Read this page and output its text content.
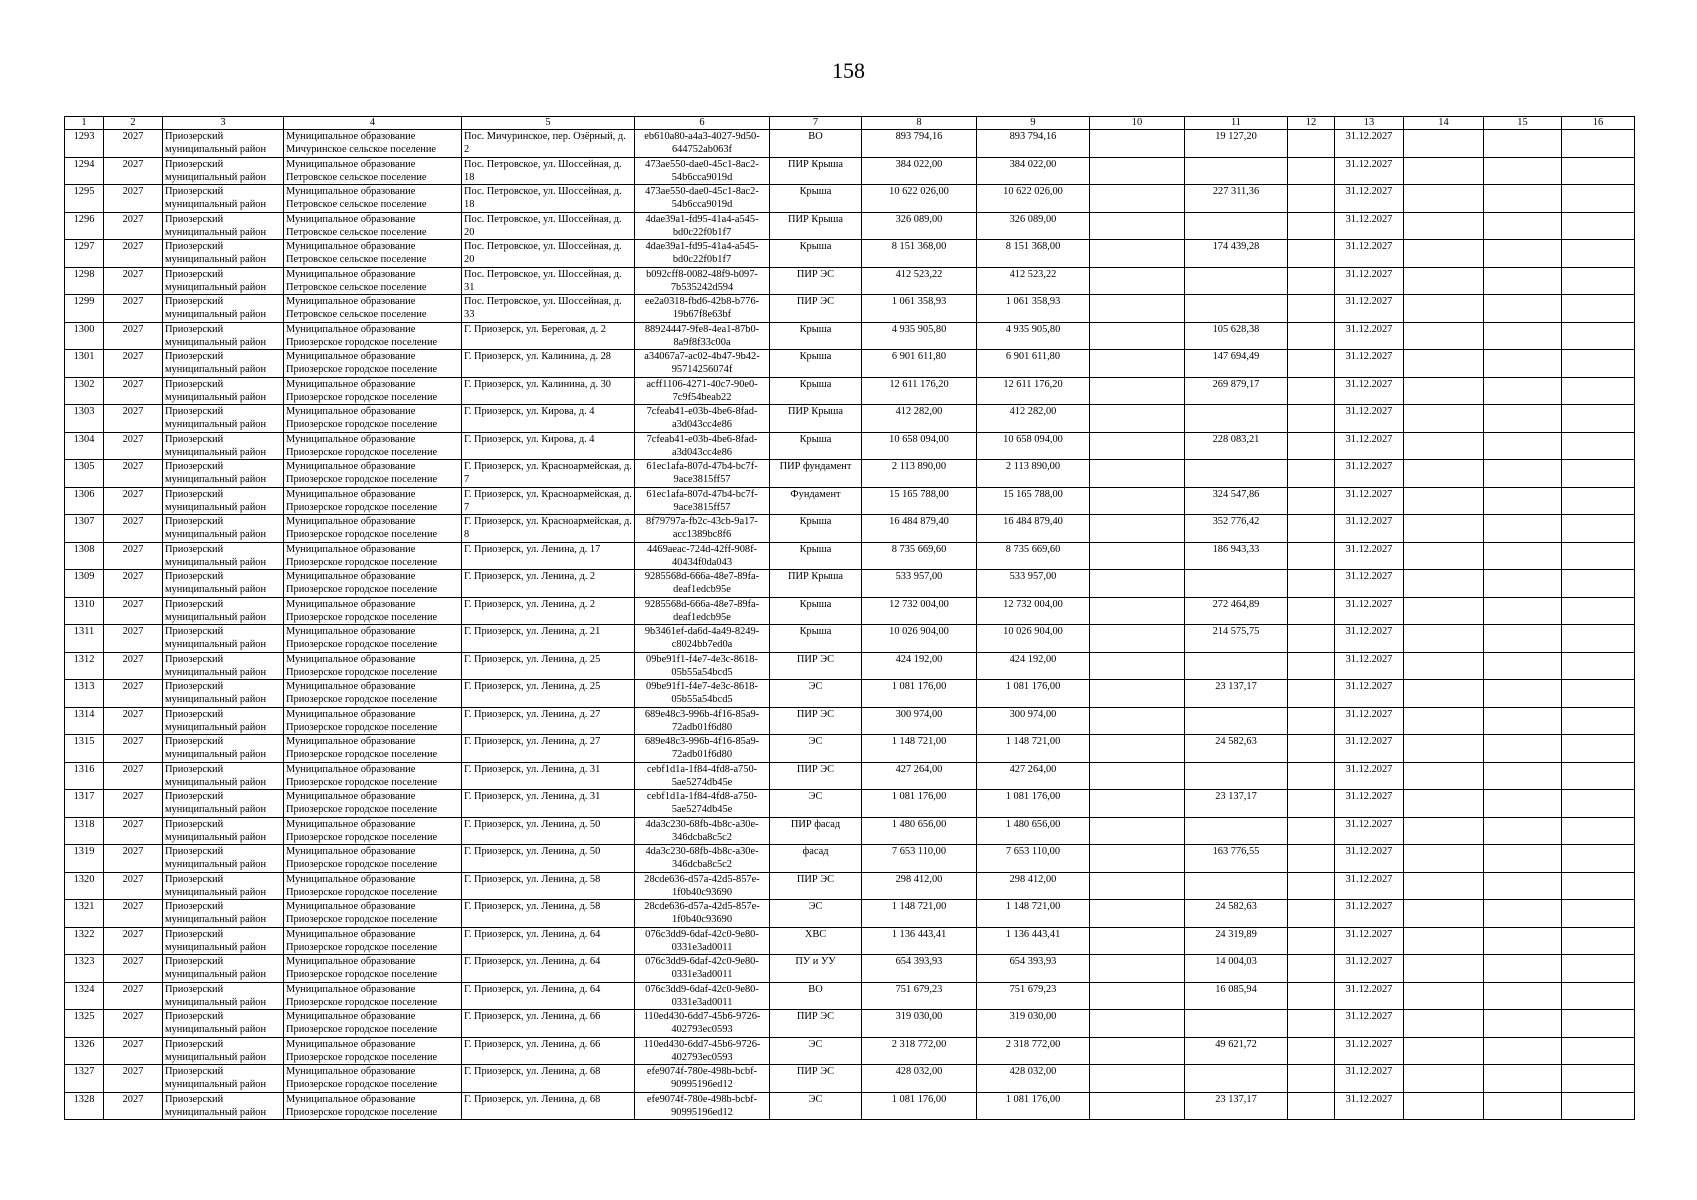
158
1	2	3	4	5	6	7	8	9	10	11	12	13	14	15	16
1293	2027	Приозерский муниципальный район	Муниципальное образование Мичуринское сельское поселение	Пос. Мичуринское, пер. Озёрный, д. 2	eb610a80-a4a3-4027-9d50-644752ab063f	ВО	893 794,16	893 794,16		19 127,20		31.12.2027			
1294	2027	Приозерский муниципальный район	Муниципальное образование Петровское сельское поселение	Пос. Петровское, ул. Шоссейная, д. 18	473ae550-dae0-45c1-8ac2-54b6cca9019d	ПИР Крыша	384 022,00	384 022,00				31.12.2027			
1295	2027	Приозерский муниципальный район	Муниципальное образование Петровское сельское поселение	Пос. Петровское, ул. Шоссейная, д. 18	473ae550-dae0-45c1-8ac2-54b6cca9019d	Крыша	10 622 026,00	10 622 026,00		227 311,36		31.12.2027			
1296	2027	Приозерский муниципальный район	Муниципальное образование Петровское сельское поселение	Пос. Петровское, ул. Шоссейная, д. 20	4dae39a1-fd95-41a4-a545-bd0c22f0b1f7	ПИР Крыша	326 089,00	326 089,00				31.12.2027			
1297	2027	Приозерский муниципальный район	Муниципальное образование Петровское сельское поселение	Пос. Петровское, ул. Шоссейная, д. 20	4dae39a1-fd95-41a4-a545-bd0c22f0b1f7	Крыша	8 151 368,00	8 151 368,00		174 439,28		31.12.2027			
1298	2027	Приозерский муниципальный район	Муниципальное образование Петровское сельское поселение	Пос. Петровское, ул. Шоссейная, д. 31	b092cff8-0082-48f9-b097-7b535242d594	ПИР ЭС	412 523,22	412 523,22				31.12.2027			
1299	2027	Приозерский муниципальный район	Муниципальное образование Петровское сельское поселение	Пос. Петровское, ул. Шоссейная, д. 33	ee2a0318-fbd6-42b8-b776-19b67f8e63bf	ПИР ЭС	1 061 358,93	1 061 358,93				31.12.2027			
1300	2027	Приозерский муниципальный район	Муниципальное образование Приозерское городское поселение	Г. Приозерск, ул. Береговая, д. 2	88924447-9fe8-4ea1-87b0-8a9f8f33c00a	Крыша	4 935 905,80	4 935 905,80		105 628,38		31.12.2027			
1301	2027	Приозерский муниципальный район	Муниципальное образование Приозерское городское поселение	Г. Приозерск, ул. Калинина, д. 28	a34067a7-ac02-4b47-9b42-95714256074f	Крыша	6 901 611,80	6 901 611,80		147 694,49		31.12.2027			
1302	2027	Приозерский муниципальный район	Муниципальное образование Приозерское городское поселение	Г. Приозерск, ул. Калинина, д. 30	acff1106-4271-40c7-90e0-7c9f54beab22	Крыша	12 611 176,20	12 611 176,20		269 879,17		31.12.2027			
1303	2027	Приозерский муниципальный район	Муниципальное образование Приозерское городское поселение	Г. Приозерск, ул. Кирова, д. 4	7cfeab41-e03b-4be6-8fad-a3d043cc4e86	ПИР Крыша	412 282,00	412 282,00				31.12.2027			
1304	2027	Приозерский муниципальный район	Муниципальное образование Приозерское городское поселение	Г. Приозерск, ул. Кирова, д. 4	7cfeab41-e03b-4be6-8fad-a3d043cc4e86	Крыша	10 658 094,00	10 658 094,00		228 083,21		31.12.2027			
1305	2027	Приозерский муниципальный район	Муниципальное образование Приозерское городское поселение	Г. Приозерск, ул. Красноармейская, д. 7	61ec1afa-807d-47b4-bc7f-9ace3815ff57	ПИР фундамент	2 113 890,00	2 113 890,00				31.12.2027			
1306	2027	Приозерский муниципальный район	Муниципальное образование Приозерское городское поселение	Г. Приозерск, ул. Красноармейская, д. 7	61ec1afa-807d-47b4-bc7f-9ace3815ff57	Фундамент	15 165 788,00	15 165 788,00		324 547,86		31.12.2027			
1307	2027	Приозерский муниципальный район	Муниципальное образование Приозерское городское поселение	Г. Приозерск, ул. Красноармейская, д. 8	8f79797a-fb2c-43cb-9a17-acc1389bc8f6	Крыша	16 484 879,40	16 484 879,40		352 776,42		31.12.2027			
1308	2027	Приозерский муниципальный район	Муниципальное образование Приозерское городское поселение	Г. Приозерск, ул. Ленина, д. 17	4469aeac-724d-42ff-908f-40434f0da043	Крыша	8 735 669,60	8 735 669,60		186 943,33		31.12.2027			
1309	2027	Приозерский муниципальный район	Муниципальное образование Приозерское городское поселение	Г. Приозерск, ул. Ленина, д. 2	9285568d-666a-48e7-89fa-deaf1edcb95e	ПИР Крыша	533 957,00	533 957,00				31.12.2027			
1310	2027	Приозерский муниципальный район	Муниципальное образование Приозерское городское поселение	Г. Приозерск, ул. Ленина, д. 2	9285568d-666a-48e7-89fa-deaf1edcb95e	Крыша	12 732 004,00	12 732 004,00		272 464,89		31.12.2027			
1311	2027	Приозерский муниципальный район	Муниципальное образование Приозерское городское поселение	Г. Приозерск, ул. Ленина, д. 21	9b3461ef-da6d-4a49-8249-c8024bb7ed0a	Крыша	10 026 904,00	10 026 904,00		214 575,75		31.12.2027			
1312	2027	Приозерский муниципальный район	Муниципальное образование Приозерское городское поселение	Г. Приозерск, ул. Ленина, д. 25	09be91f1-f4e7-4e3c-8618-05b55a54bcd5	ПИР ЭС	424 192,00	424 192,00				31.12.2027			
1313	2027	Приозерский муниципальный район	Муниципальное образование Приозерское городское поселение	Г. Приозерск, ул. Ленина, д. 25	09be91f1-f4e7-4e3c-8618-05b55a54bcd5	ЭС	1 081 176,00	1 081 176,00		23 137,17		31.12.2027			
1314	2027	Приозерский муниципальный район	Муниципальное образование Приозерское городское поселение	Г. Приозерск, ул. Ленина, д. 27	689e48c3-996b-4f16-85a9-72adb01f6d80	ПИР ЭС	300 974,00	300 974,00				31.12.2027			
1315	2027	Приозерский муниципальный район	Муниципальное образование Приозерское городское поселение	Г. Приозерск, ул. Ленина, д. 27	689e48c3-996b-4f16-85a9-72adb01f6d80	ЭС	1 148 721,00	1 148 721,00		24 582,63		31.12.2027			
1316	2027	Приозерский муниципальный район	Муниципальное образование Приозерское городское поселение	Г. Приозерск, ул. Ленина, д. 31	cebf1d1a-1f84-4fd8-a750-5ae5274db45e	ПИР ЭС	427 264,00	427 264,00				31.12.2027			
1317	2027	Приозерский муниципальный район	Муниципальное образование Приозерское городское поселение	Г. Приозерск, ул. Ленина, д. 31	cebf1d1a-1f84-4fd8-a750-5ae5274db45e	ЭС	1 081 176,00	1 081 176,00		23 137,17		31.12.2027			
1318	2027	Приозерский муниципальный район	Муниципальное образование Приозерское городское поселение	Г. Приозерск, ул. Ленина, д. 50	4da3c230-68fb-4b8c-a30e-346dcba8c5c2	ПИР фасад	1 480 656,00	1 480 656,00				31.12.2027			
1319	2027	Приозерский муниципальный район	Муниципальное образование Приозерское городское поселение	Г. Приозерск, ул. Ленина, д. 50	4da3c230-68fb-4b8c-a30e-346dcba8c5c2	фасад	7 653 110,00	7 653 110,00		163 776,55		31.12.2027			
1320	2027	Приозерский муниципальный район	Муниципальное образование Приозерское городское поселение	Г. Приозерск, ул. Ленина, д. 58	28cde636-d57a-42d5-857e-1f0b40c93690	ПИР ЭС	298 412,00	298 412,00				31.12.2027			
1321	2027	Приозерский муниципальный район	Муниципальное образование Приозерское городское поселение	Г. Приозерск, ул. Ленина, д. 58	28cde636-d57a-42d5-857e-1f0b40c93690	ЭС	1 148 721,00	1 148 721,00		24 582,63		31.12.2027			
1322	2027	Приозерский муниципальный район	Муниципальное образование Приозерское городское поселение	Г. Приозерск, ул. Ленина, д. 64	076c3dd9-6daf-42c0-9e80-0331e3ad0011	ХВС	1 136 443,41	1 136 443,41		24 319,89		31.12.2027			
1323	2027	Приозерский муниципальный район	Муниципальное образование Приозерское городское поселение	Г. Приозерск, ул. Ленина, д. 64	076c3dd9-6daf-42c0-9e80-0331e3ad0011	ПУ и УУ	654 393,93	654 393,93		14 004,03		31.12.2027			
1324	2027	Приозерский муниципальный район	Муниципальное образование Приозерское городское поселение	Г. Приозерск, ул. Ленина, д. 64	076c3dd9-6daf-42c0-9e80-0331e3ad0011	ВО	751 679,23	751 679,23		16 085,94		31.12.2027			
1325	2027	Приозерский муниципальный район	Муниципальное образование Приозерское городское поселение	Г. Приозерск, ул. Ленина, д. 66	110ed430-6dd7-45b6-9726-402793ec0593	ПИР ЭС	319 030,00	319 030,00				31.12.2027			
1326	2027	Приозерский муниципальный район	Муниципальное образование Приозерское городское поселение	Г. Приозерск, ул. Ленина, д. 66	110ed430-6dd7-45b6-9726-402793ec0593	ЭС	2 318 772,00	2 318 772,00		49 621,72		31.12.2027			
1327	2027	Приозерский муниципальный район	Муниципальное образование Приозерское городское поселение	Г. Приозерск, ул. Ленина, д. 68	efe9074f-780e-498b-bcbf-90995196ed12	ПИР ЭС	428 032,00	428 032,00				31.12.2027			
1328	2027	Приозерский муниципальный район	Муниципальное образование Приозерское городское поселение	Г. Приозерск, ул. Ленина, д. 68	efe9074f-780e-498b-bcbf-90995196ed12	ЭС	1 081 176,00	1 081 176,00		23 137,17		31.12.2027			
